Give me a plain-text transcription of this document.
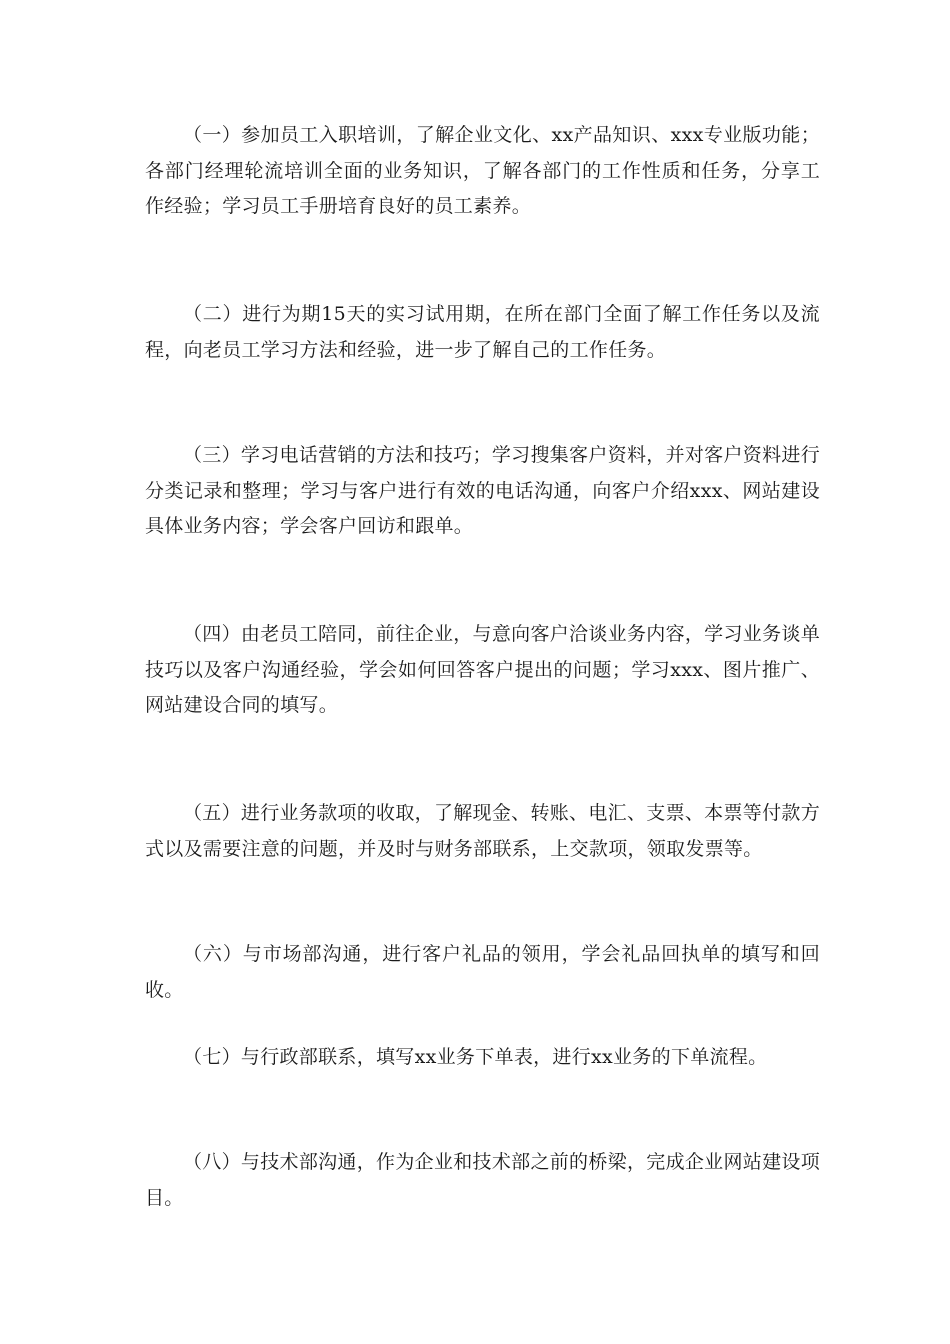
（一）参加员工入职培训，了解企业文化、xx产品知识、xxx专业版功能；各部门经理轮流培训全面的业务知识，了解各部门的工作性质和任务，分享工作经验；学习员工手册培育良好的员工素养。

（二）进行为期15天的实习试用期，在所在部门全面了解工作任务以及流程，向老员工学习方法和经验，进一步了解自己的工作任务。

（三）学习电话营销的方法和技巧；学习搜集客户资料，并对客户资料进行分类记录和整理；学习与客户进行有效的电话沟通，向客户介绍xxx、网站建设具体业务内容；学会客户回访和跟单。

（四）由老员工陪同，前往企业，与意向客户洽谈业务内容，学习业务谈单技巧以及客户沟通经验，学会如何回答客户提出的问题；学习xxx、图片推广、网站建设合同的填写。

（五）进行业务款项的收取，了解现金、转账、电汇、支票、本票等付款方式以及需要注意的问题，并及时与财务部联系，上交款项，领取发票等。

（六）与市场部沟通，进行客户礼品的领用，学会礼品回执单的填写和回收。

（七）与行政部联系，填写xx业务下单表，进行xx业务的下单流程。

（八）与技术部沟通，作为企业和技术部之前的桥梁，完成企业网站建设项目。
